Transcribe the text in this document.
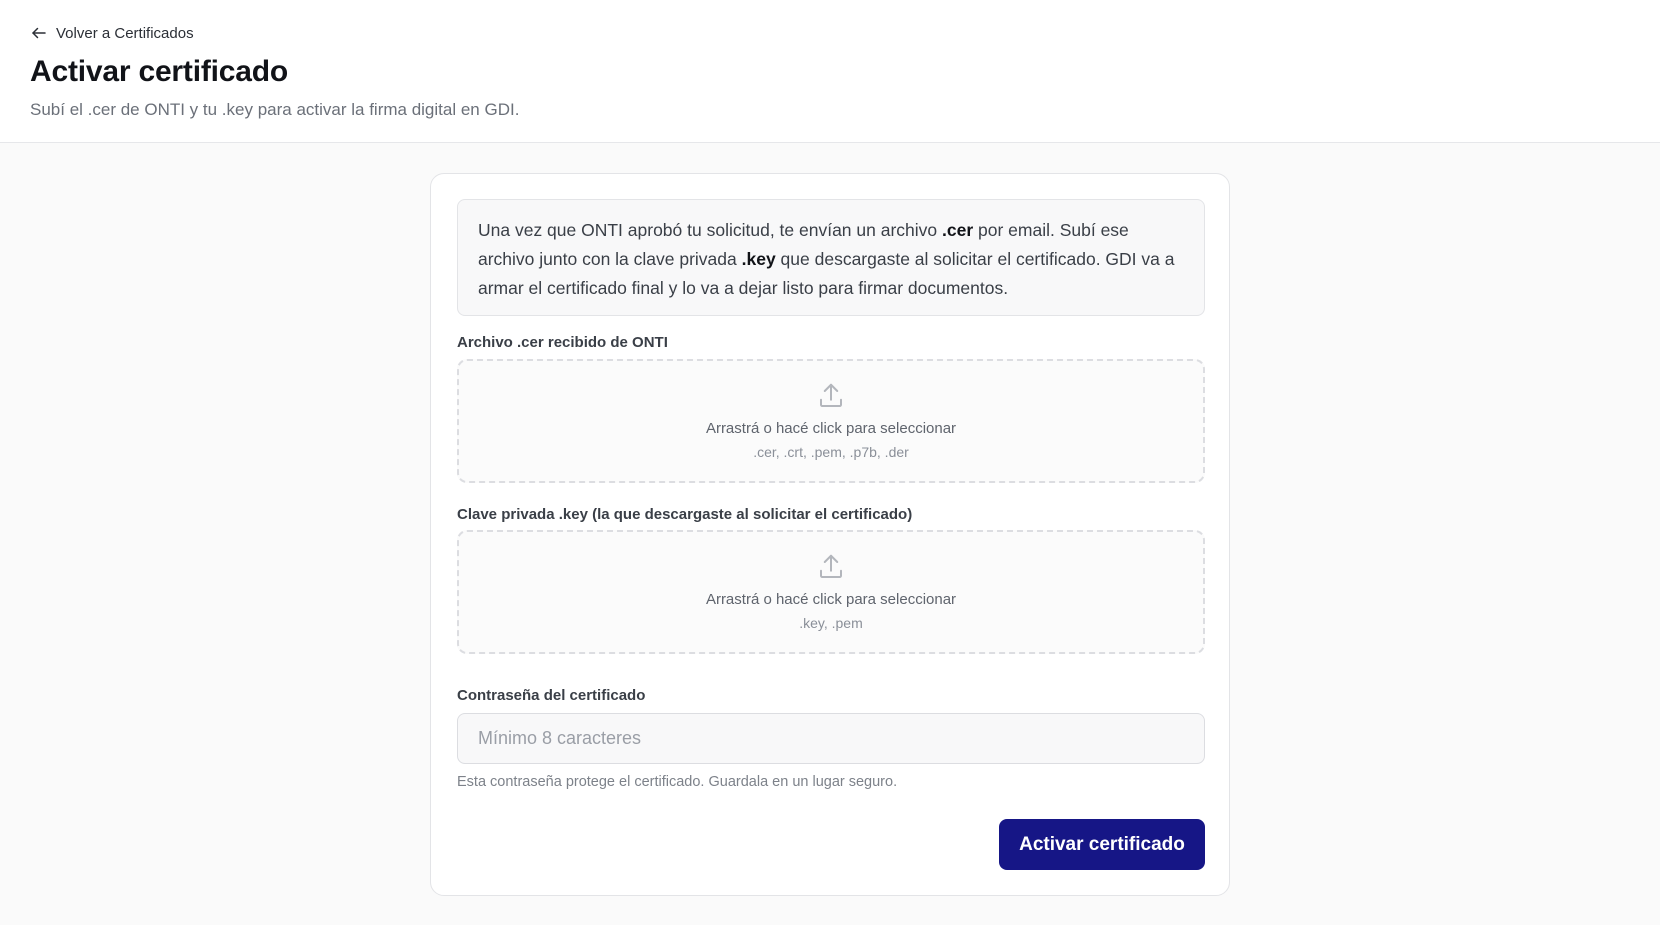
Volver a Certificados
Activar certificado

Subí el .cer de ONTI y tu .key para activar la firma digital en GDI.

Una vez que ONTI aprobó tu solicitud, te envían un archivo .cer por email. Subí ese archivo junto con la clave privada .key que descargaste al solicitar el certificado. GDI va a armar el certificado final y lo va a dejar listo para firmar documentos.
Archivo .cer recibido de ONTI
Arrastrá o hacé click para seleccionar
.cer, .crt, .pem, .p7b, .der
Clave privada .key (la que descargaste al solicitar el certificado)
Arrastrá o hacé click para seleccionar
.key, .pem
Contraseña del certificado
Esta contraseña protege el certificado. Guardala en un lugar seguro.
Activar certificado
